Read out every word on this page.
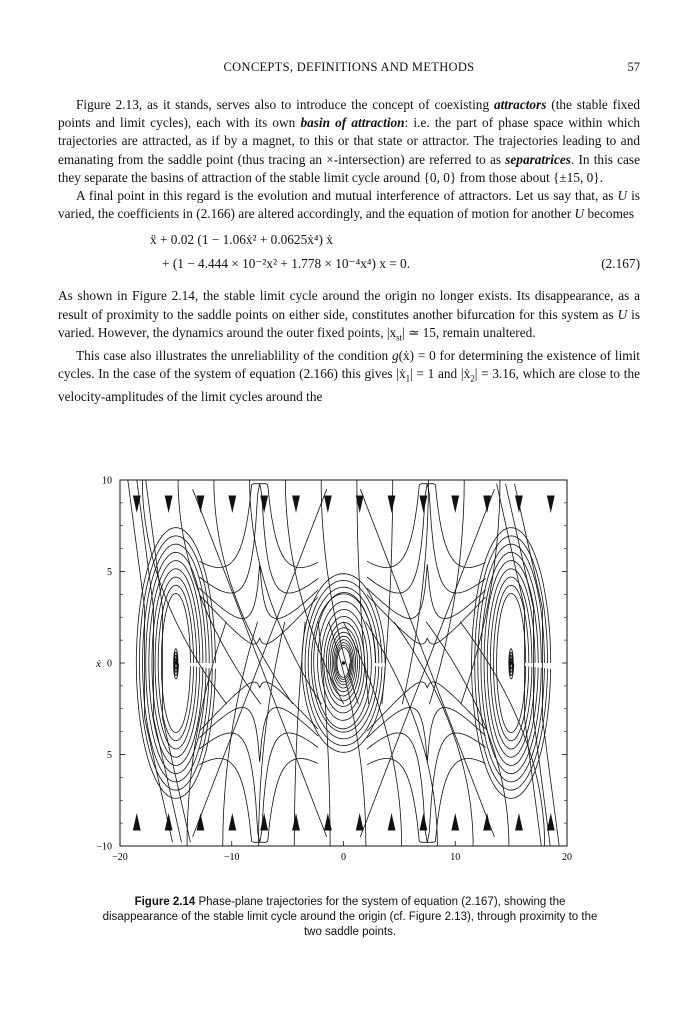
CONCEPTS, DEFINITIONS AND METHODS	57

Figure 2.13, as it stands, serves also to introduce the concept of coexisting attractors (the stable fixed points and limit cycles), each with its own basin of attraction: i.e. the part of phase space within which trajectories are attracted, as if by a magnet, to this or that state or attractor. The trajectories leading to and emanating from the saddle point (thus tracing an ×-intersection) are referred to as separatrices. In this case they separate the basins of attraction of the stable limit cycle around {0, 0} from those about {±15, 0}.

A final point in this regard is the evolution and mutual interference of attractors. Let us say that, as U is varied, the coefficients in (2.166) are altered accordingly, and the equation of motion for another U becomes

ẍ + 0.02 (1 − 1.06ẋ² + 0.0625ẋ⁴) ẋ
+ (1 − 4.444 × 10⁻²x² + 1.778 × 10⁻⁴x⁴) x = 0.	(2.167)

As shown in Figure 2.14, the stable limit cycle around the origin no longer exists. Its disappearance, as a result of proximity to the saddle points on either side, constitutes another bifurcation for this system as U is varied. However, the dynamics around the outer fixed points, $|x_{st}|$ ≃ 15, remain unaltered.

This case also illustrates the unreliablility of the condition g(ẋ) = 0 for determining the existence of limit cycles. In the case of the system of equation (2.166) this gives |ẋ$_1$| = 1 and |ẋ$_2$| = 3.16, which are close to the velocity-amplitudes of the limit cycles around the

−20	−10	0	10	20
10
5
0
5
−10
ẋ
Figure 2.14 Phase-plane trajectories for the system of equation (2.167), showing the disappearance of the stable limit cycle around the origin (cf. Figure 2.13), through proximity to the two saddle points.
